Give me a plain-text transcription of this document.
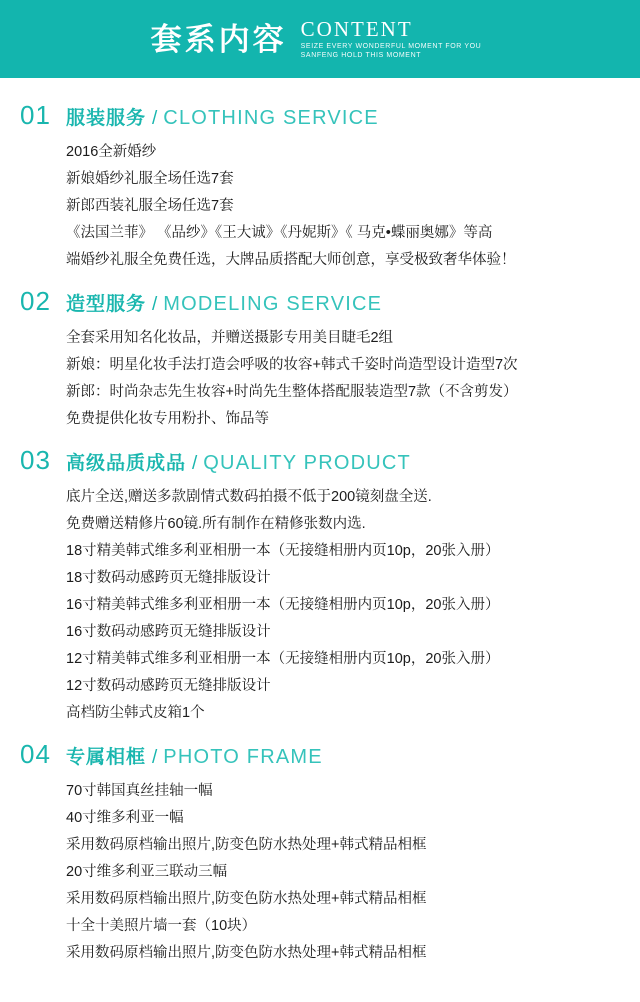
套系内容 CONTENT
SEIZE EVERY WONDERFUL MOMENT FOR YOU
SANFENG HOLD THIS MOMENT
01 服装服务 / CLOTHING SERVICE
2016全新婚纱
新娘婚纱礼服全场任选7套
新郎西装礼服全场任选7套
《法国兰菲》 《品纱》《王大诚》《丹妮斯》《 马克•蝶丽奥娜》等高
端婚纱礼服全免费任选，大牌品质搭配大师创意，享受极致奢华体验！
02 造型服务 / MODELING SERVICE
全套采用知名化妆品，并赠送摄影专用美目睫毛2组
新娘：明星化妆手法打造会呼吸的妆容+韩式千姿时尚造型设计造型7次
新郎：时尚杂志先生妆容+时尚先生整体搭配服装造型7款（不含剪发）
免费提供化妆专用粉扑、饰品等
03 高级品质成品 / QUALITY PRODUCT
底片全送,赠送多款剧情式数码拍摄不低于200镜刻盘全送.
免费赠送精修片60镜.所有制作在精修张数内选.
18寸精美韩式维多利亚相册一本（无接缝相册内页10p，20张入册）
18寸数码动感跨页无缝排版设计
16寸精美韩式维多利亚相册一本（无接缝相册内页10p，20张入册）
16寸数码动感跨页无缝排版设计
12寸精美韩式维多利亚相册一本（无接缝相册内页10p，20张入册）
12寸数码动感跨页无缝排版设计
高档防尘韩式皮箱1个
04 专属相框 / PHOTO FRAME
70寸韩国真丝挂轴一幅
40寸维多利亚一幅
采用数码原档输出照片,防变色防水热处理+韩式精品相框
20寸维多利亚三联动三幅
采用数码原档输出照片,防变色防水热处理+韩式精品相框
十全十美照片墙一套（10块）
采用数码原档输出照片,防变色防水热处理+韩式精品相框
